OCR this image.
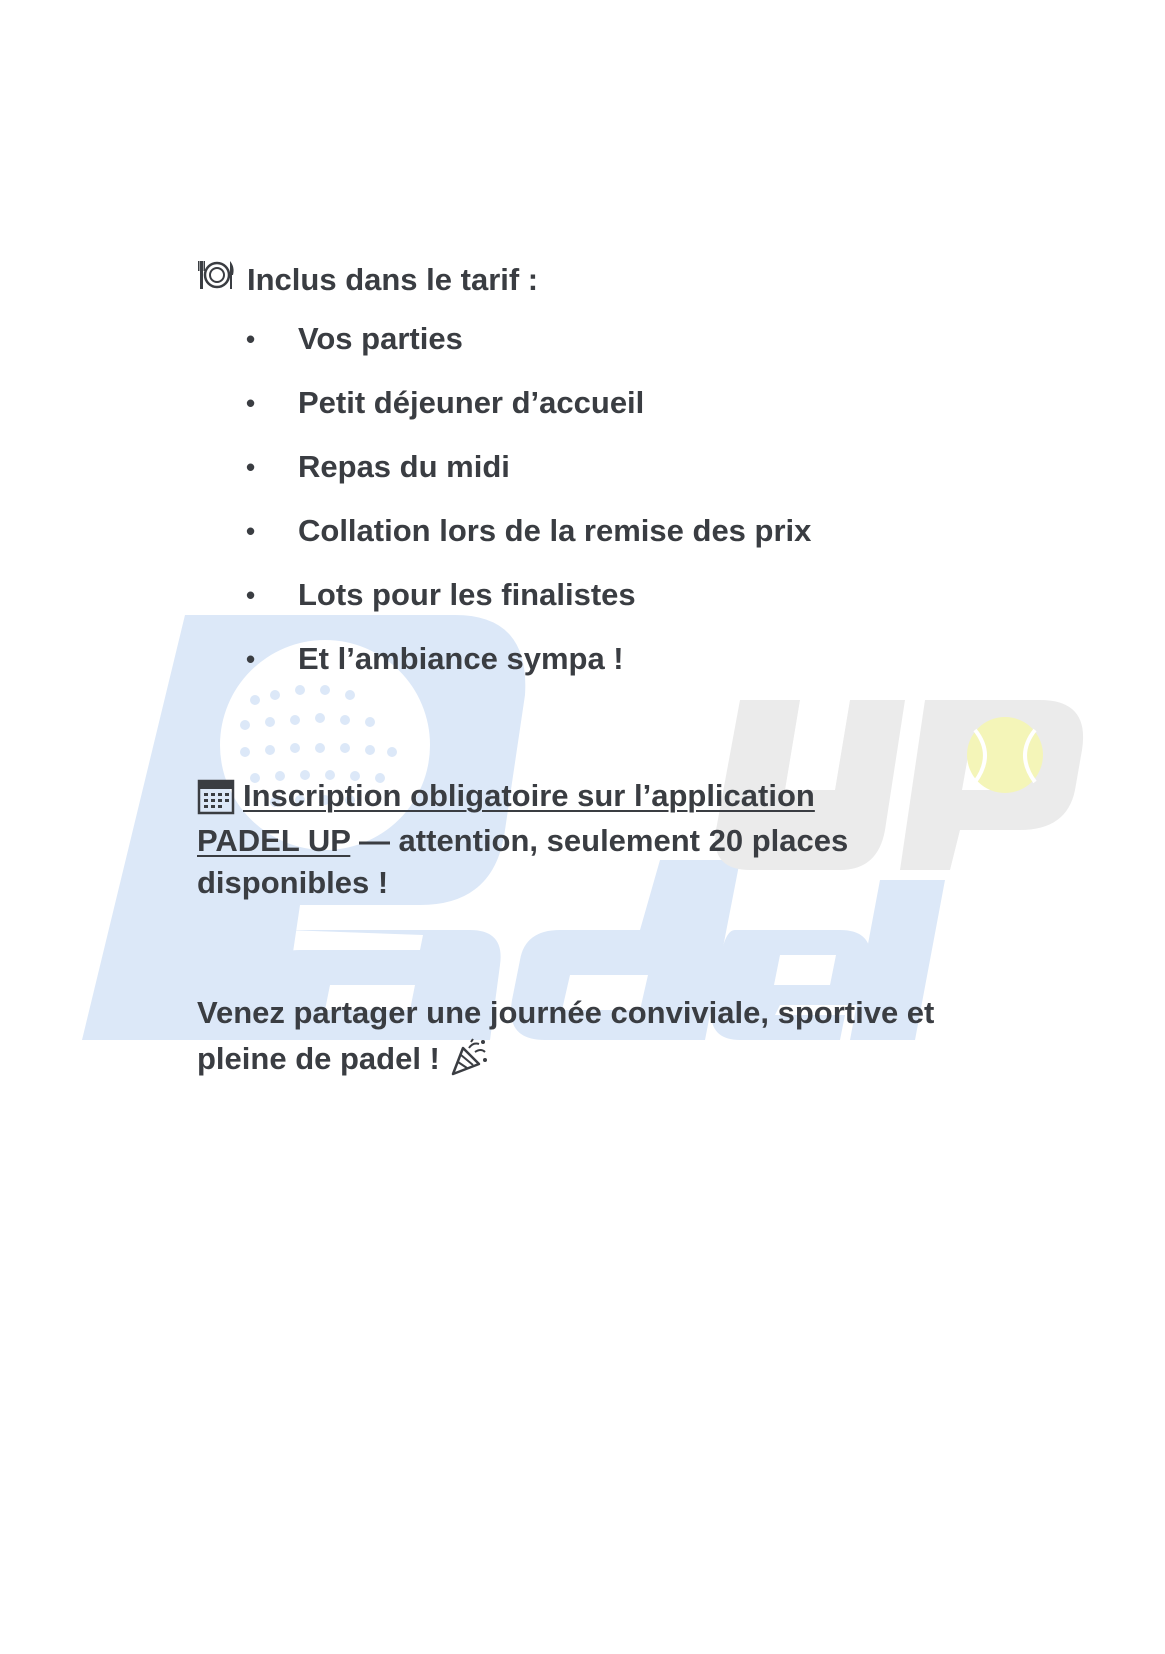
Inclus dans le tarif :

• Vos parties
• Petit déjeuner d’accueil
• Repas du midi
• Collation lors de la remise des prix
• Lots pour les finalistes
• Et l’ambiance sympa !

Inscription obligatoire sur l’application
PADEL UP — attention, seulement 20 places disponibles !

Venez partager une journée conviviale, sportive et pleine de padel !
